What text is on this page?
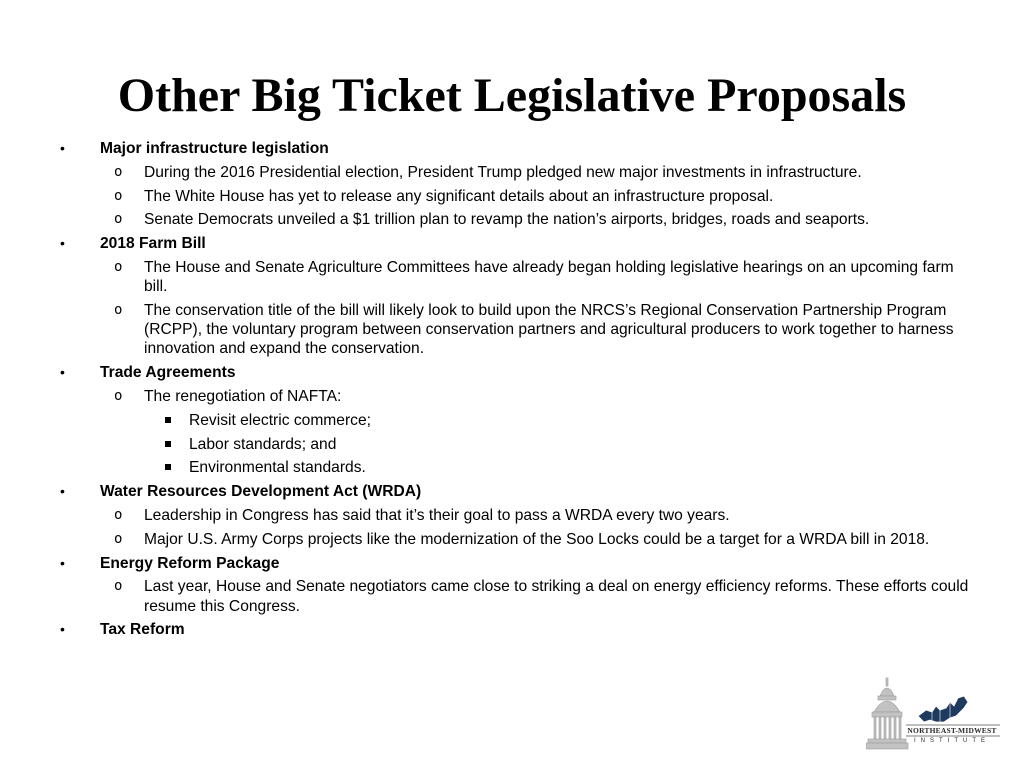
Other Big Ticket Legislative Proposals
• Major infrastructure legislation
o During the 2016 Presidential election, President Trump pledged new major investments in infrastructure.
o The White House has yet to release any significant details about an infrastructure proposal.
o Senate Democrats unveiled a $1 trillion plan to revamp the nation’s airports, bridges, roads and seaports.
• 2018 Farm Bill
o The House and Senate Agriculture Committees have already began holding legislative hearings on an upcoming farm bill.
o The conservation title of the bill will likely look to build upon the NRCS’s Regional Conservation Partnership Program (RCPP), the voluntary program between conservation partners and agricultural producers to work together to harness innovation and expand the conservation.
• Trade Agreements
o The renegotiation of NAFTA:
Revisit electric commerce;
Labor standards; and
Environmental standards.
• Water Resources Development Act (WRDA)
o Leadership in Congress has said that it’s their goal to pass a WRDA every two years.
o Major U.S. Army Corps projects like the modernization of the Soo Locks could be a target for a WRDA bill in 2018.
• Energy Reform Package
o Last year, House and Senate negotiators came close to striking a deal on energy efficiency reforms. These efforts could resume this Congress.
• Tax Reform
NORTHEAST-MIDWEST
INSTITUTE
